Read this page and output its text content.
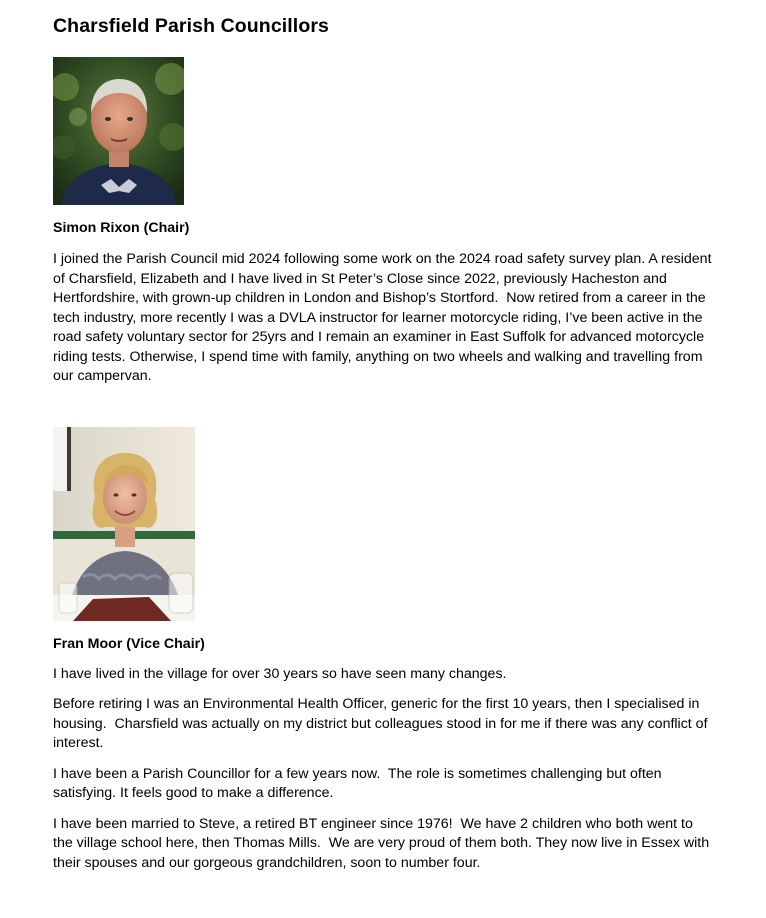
Charsfield Parish Councillors
Simon Rixon (Chair)

I joined the Parish Council mid 2024 following some work on the 2024 road safety survey plan. A resident of Charsfield, Elizabeth and I have lived in St Peter’s Close since 2022, previously Hacheston and Hertfordshire, with grown-up children in London and Bishop’s Stortford.  Now retired from a career in the tech industry, more recently I was a DVLA instructor for learner motorcycle riding, I’ve been active in the road safety voluntary sector for 25yrs and I remain an examiner in East Suffolk for advanced motorcycle riding tests. Otherwise, I spend time with family, anything on two wheels and walking and travelling from our campervan.

Fran Moor (Vice Chair)

I have lived in the village for over 30 years so have seen many changes.

Before retiring I was an Environmental Health Officer, generic for the first 10 years, then I specialised in housing.  Charsfield was actually on my district but colleagues stood in for me if there was any conflict of interest.

I have been a Parish Councillor for a few years now.  The role is sometimes challenging but often satisfying. It feels good to make a difference.

I have been married to Steve, a retired BT engineer since 1976!  We have 2 children who both went to the village school here, then Thomas Mills.  We are very proud of them both. They now live in Essex with their spouses and our gorgeous grandchildren, soon to number four.
